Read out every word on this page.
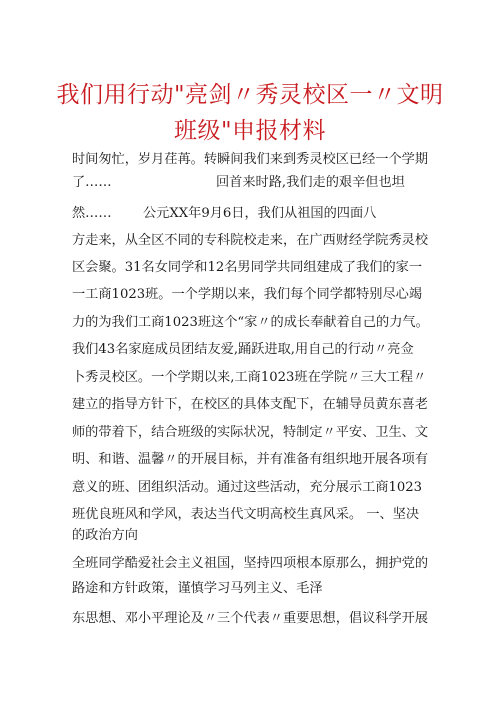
我们用行动"亮剑〃秀灵校区一〃文明
班级"申报材料
时间匆忙，岁月荏苒。转瞬间我们来到秀灵校区已经一个学期
了……	回首来时路,我们走的艰辛但也坦
然…… 公元XX年9月6日，我们从祖国的四面八
方走来，从全区不同的专科院校走来，在广西财经学院秀灵校
区会聚。31名女同学和12名男同学共同组建成了我们的家一
一工商1023班。一个学期以来，我们每个同学都特别尽心竭
力的为我们工商1023班这个“家〃的成长奉献着自己的力气。
我们43名家庭成员团结友爱,踊跃进取,用自己的行动〃亮佥
卜秀灵校区。一个学期以来,工商1023班在学院〃三大工程〃
建立的指导方针下，在校区的具体支配下，在辅导员黄东喜老
师的带着下，结合班级的实际状况，特制定〃平安、卫生、文
明、和谐、温馨〃的开展目标，并有准备有组织地开展各项有
意义的班、团组织活动。通过这些活动，充分展示工商1023
班优良班风和学风，表达当代文明高校生真风采。 一、坚决
的政治方向
全班同学酷爱社会主义祖国，坚持四项根本原那么，拥护党的
路途和方针政策，谨慎学习马列主义、毛泽
东思想、邓小平理论及〃三个代表〃重要思想，倡议科学开展
